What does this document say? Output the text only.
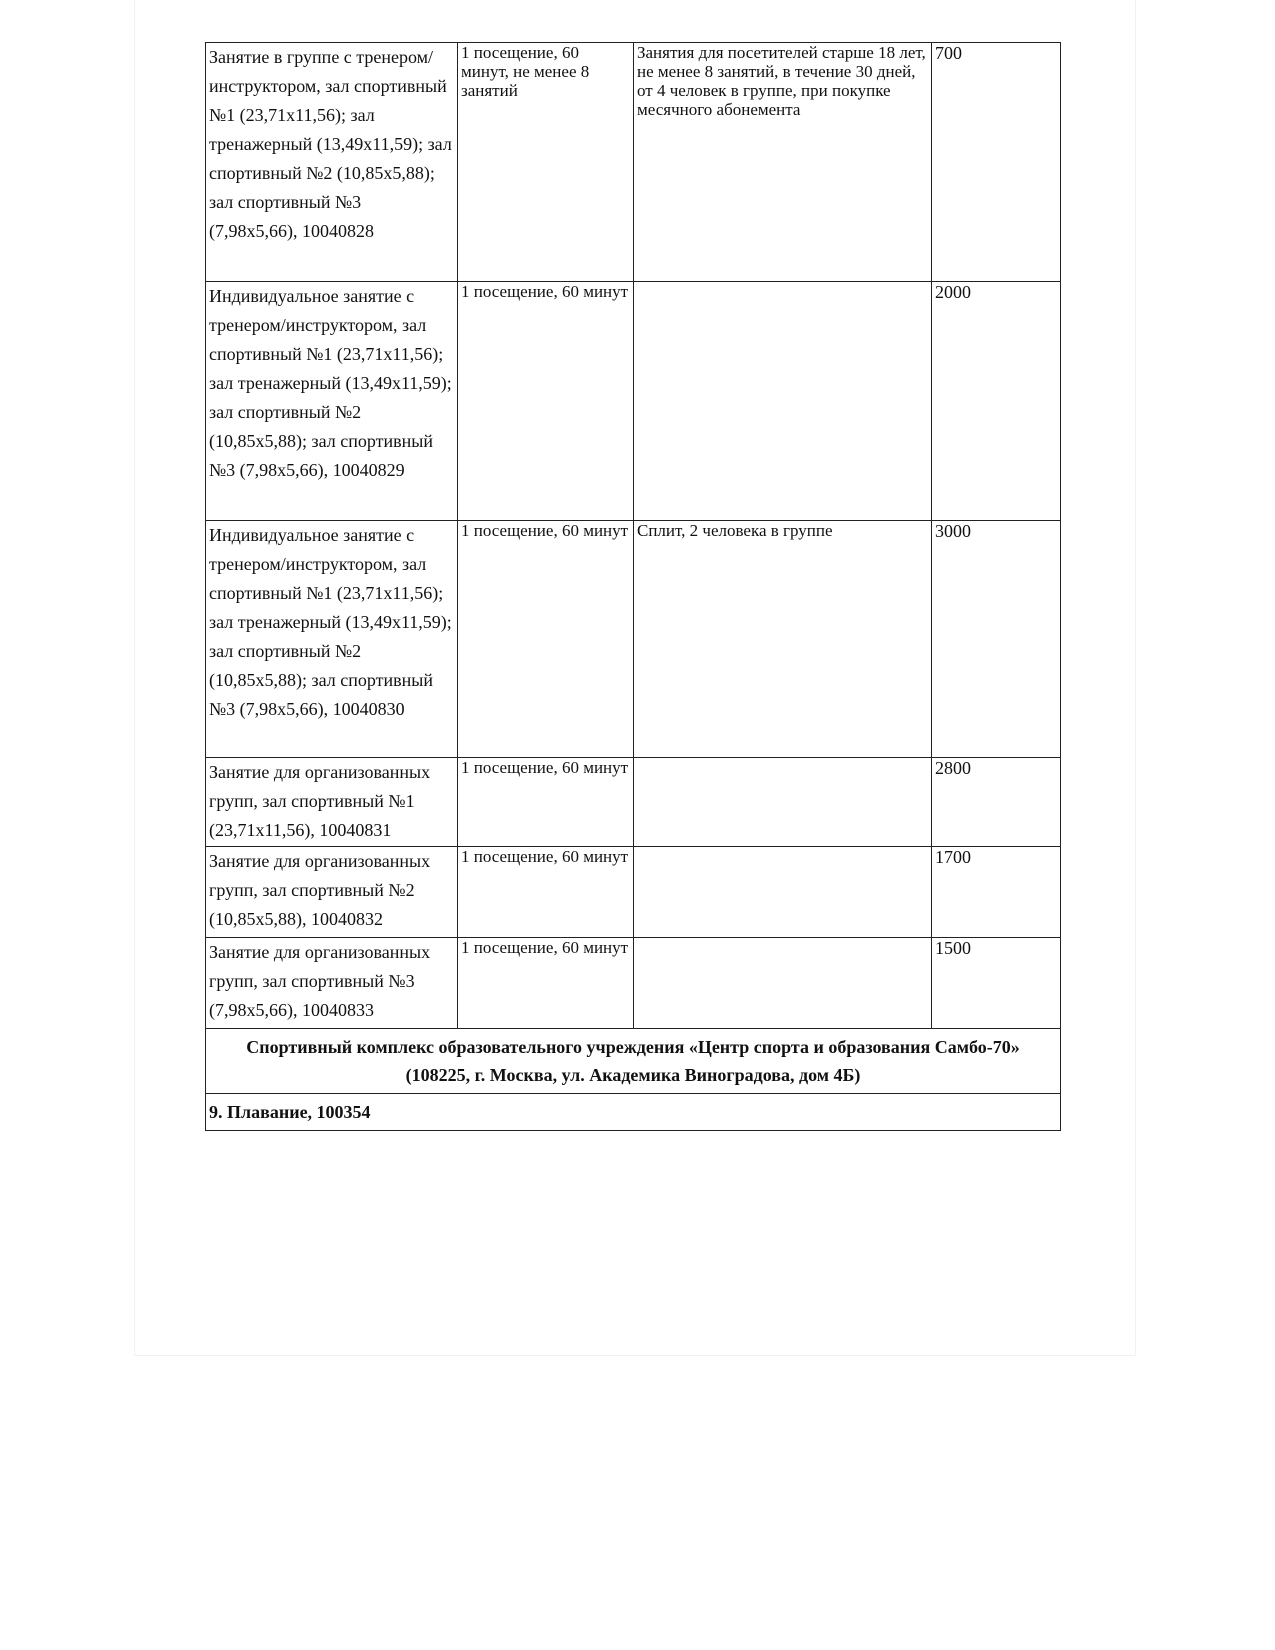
Занятие в группе с тренером/инструктором, зал спортивный №1 (23,71х11,56); зал тренажерный (13,49х11,59); зал спортивный №2 (10,85х5,88); зал спортивный №3 (7,98х5,66), 10040828	1 посещение, 60 минут, не менее 8 занятий	Занятия для посетителей старше 18 лет, не менее 8 занятий, в течение 30 дней, от 4 человек в группе, при покупке месячного абонемента	700
Индивидуальное занятие с тренером/инструктором, зал спортивный №1 (23,71х11,56); зал тренажерный (13,49х11,59); зал спортивный №2 (10,85х5,88); зал спортивный №3 (7,98х5,66), 10040829	1 посещение, 60 минут		2000
Индивидуальное занятие с тренером/инструктором, зал спортивный №1 (23,71х11,56); зал тренажерный (13,49х11,59); зал спортивный №2 (10,85х5,88); зал спортивный №3 (7,98х5,66), 10040830	1 посещение, 60 минут	Сплит, 2 человека в группе	3000
Занятие для организованных групп, зал спортивный №1 (23,71х11,56), 10040831	1 посещение, 60 минут		2800
Занятие для организованных групп, зал спортивный №2 (10,85х5,88), 10040832	1 посещение, 60 минут		1700
Занятие для организованных групп, зал спортивный №3 (7,98х5,66), 10040833	1 посещение, 60 минут		1500

Спортивный комплекс образовательного учреждения «Центр спорта и образования Самбо-70»
(108225, г. Москва, ул. Академика Виноградова, дом 4Б)			

9. Плавание, 100354			
